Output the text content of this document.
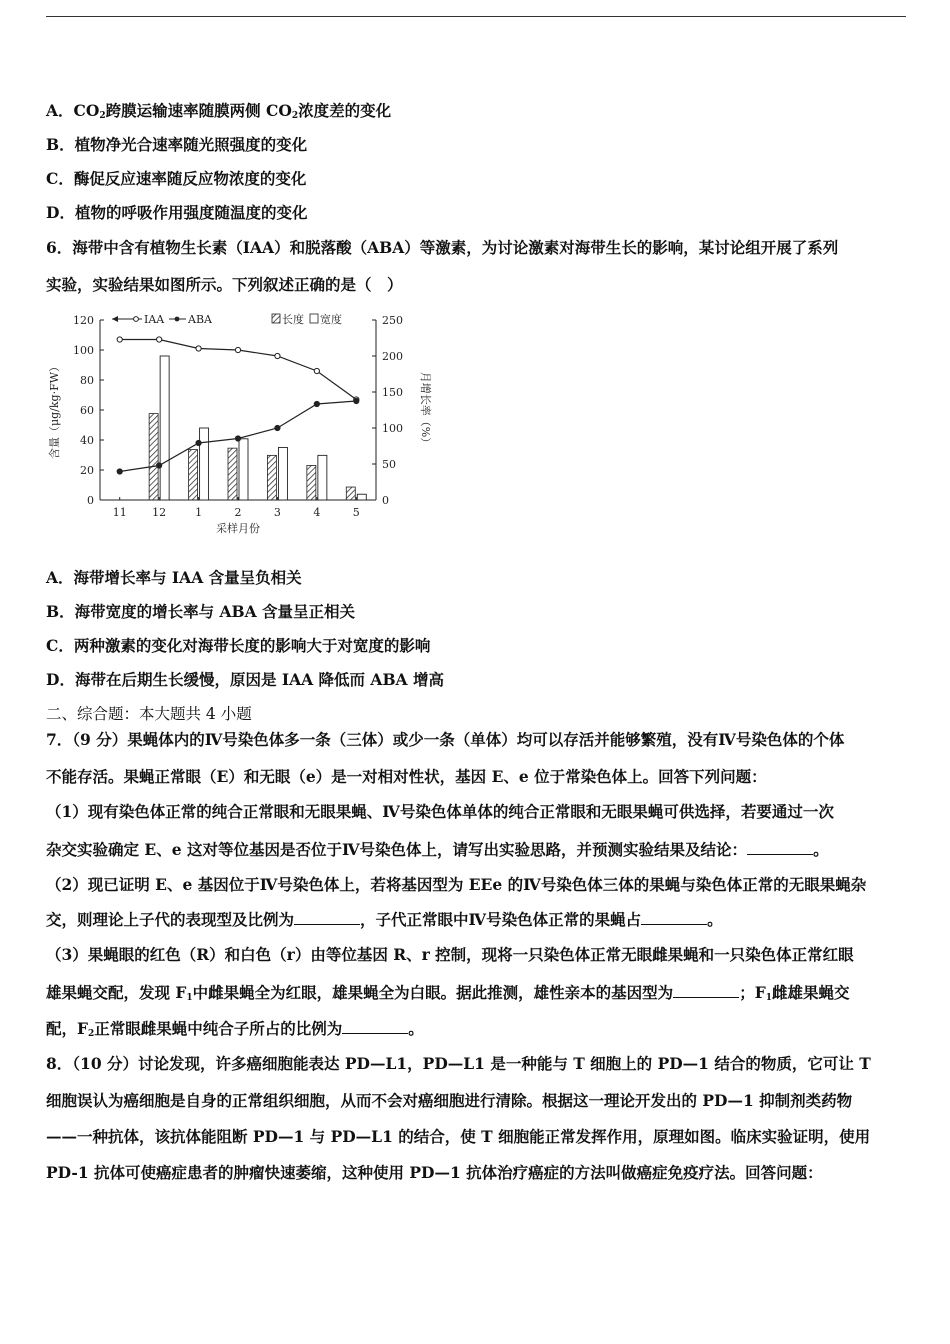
A．$CO_2$跨膜运输速率随膜两侧 $CO_2$浓度差的变化
B．植物净光合速率随光照强度的变化
C．酶促反应速率随反应物浓度的变化
D．植物的呼吸作用强度随温度的变化
6．海带中含有植物生长素（IAA）和脱落酸（ABA）等激素，为讨论激素对海带生长的影响，某讨论组开展了系列
实验，实验结果如图所示。下列叙述正确的是（　）
0
20
40
60
80
100
120
0
50
100
150
200
250
11 12	1	2	3	4	5
采样月份
含量（μg/kg·FW）	月增长率（%）
IAA ABA	长度 宽度
A．海带增长率与 IAA 含量呈负相关
B．海带宽度的增长率与 ABA 含量呈正相关
C．两种激素的变化对海带长度的影响大于对宽度的影响
D．海带在后期生长缓慢，原因是 IAA 降低而 ABA 增高
二、综合题：本大题共 4 小题
7．（9 分）果蝇体内的Ⅳ号染色体多一条（三体）或少一条（单体）均可以存活并能够繁殖，没有Ⅳ号染色体的个体
不能存活。果蝇正常眼（E）和无眼（e）是一对相对性状，基因 E、e 位于常染色体上。回答下列问题：
（1）现有染色体正常的纯合正常眼和无眼果蝇、Ⅳ号染色体单体的纯合正常眼和无眼果蝇可供选择，若要通过一次
杂交实验确定 E、e 这对等位基因是否位于Ⅳ号染色体上，请写出实验思路，并预测实验结果及结论：	。
（2）现已证明 E、e 基因位于Ⅳ号染色体上，若将基因型为 EEe 的Ⅳ号染色体三体的果蝇与染色体正常的无眼果蝇杂
交，则理论上子代的表现型及比例为	，子代正常眼中Ⅳ号染色体正常的果蝇占	。
（3）果蝇眼的红色（R）和白色（r）由等位基因 R、r 控制，现将一只染色体正常无眼雌果蝇和一只染色体正常红眼
雄果蝇交配，发现 $F_1$中雌果蝇全为红眼，雄果蝇全为白眼。据此推测，雄性亲本的基因型为	；$F_1$雌雄果蝇交
配，$F_2$正常眼雌果蝇中纯合子所占的比例为	。
8．（10 分）讨论发现，许多癌细胞能表达 PD—L1，PD—L1 是一种能与 T 细胞上的 PD—1 结合的物质，它可让 T
细胞误认为癌细胞是自身的正常组织细胞，从而不会对癌细胞进行清除。根据这一理论开发出的 PD—1 抑制剂类药物
——一种抗体，该抗体能阻断 PD—1 与 PD—L1 的结合，使 T 细胞能正常发挥作用，原理如图。临床实验证明，使用
PD-1 抗体可使癌症患者的肿瘤快速萎缩，这种使用 PD—1 抗体治疗癌症的方法叫做癌症免疫疗法。回答问题：
